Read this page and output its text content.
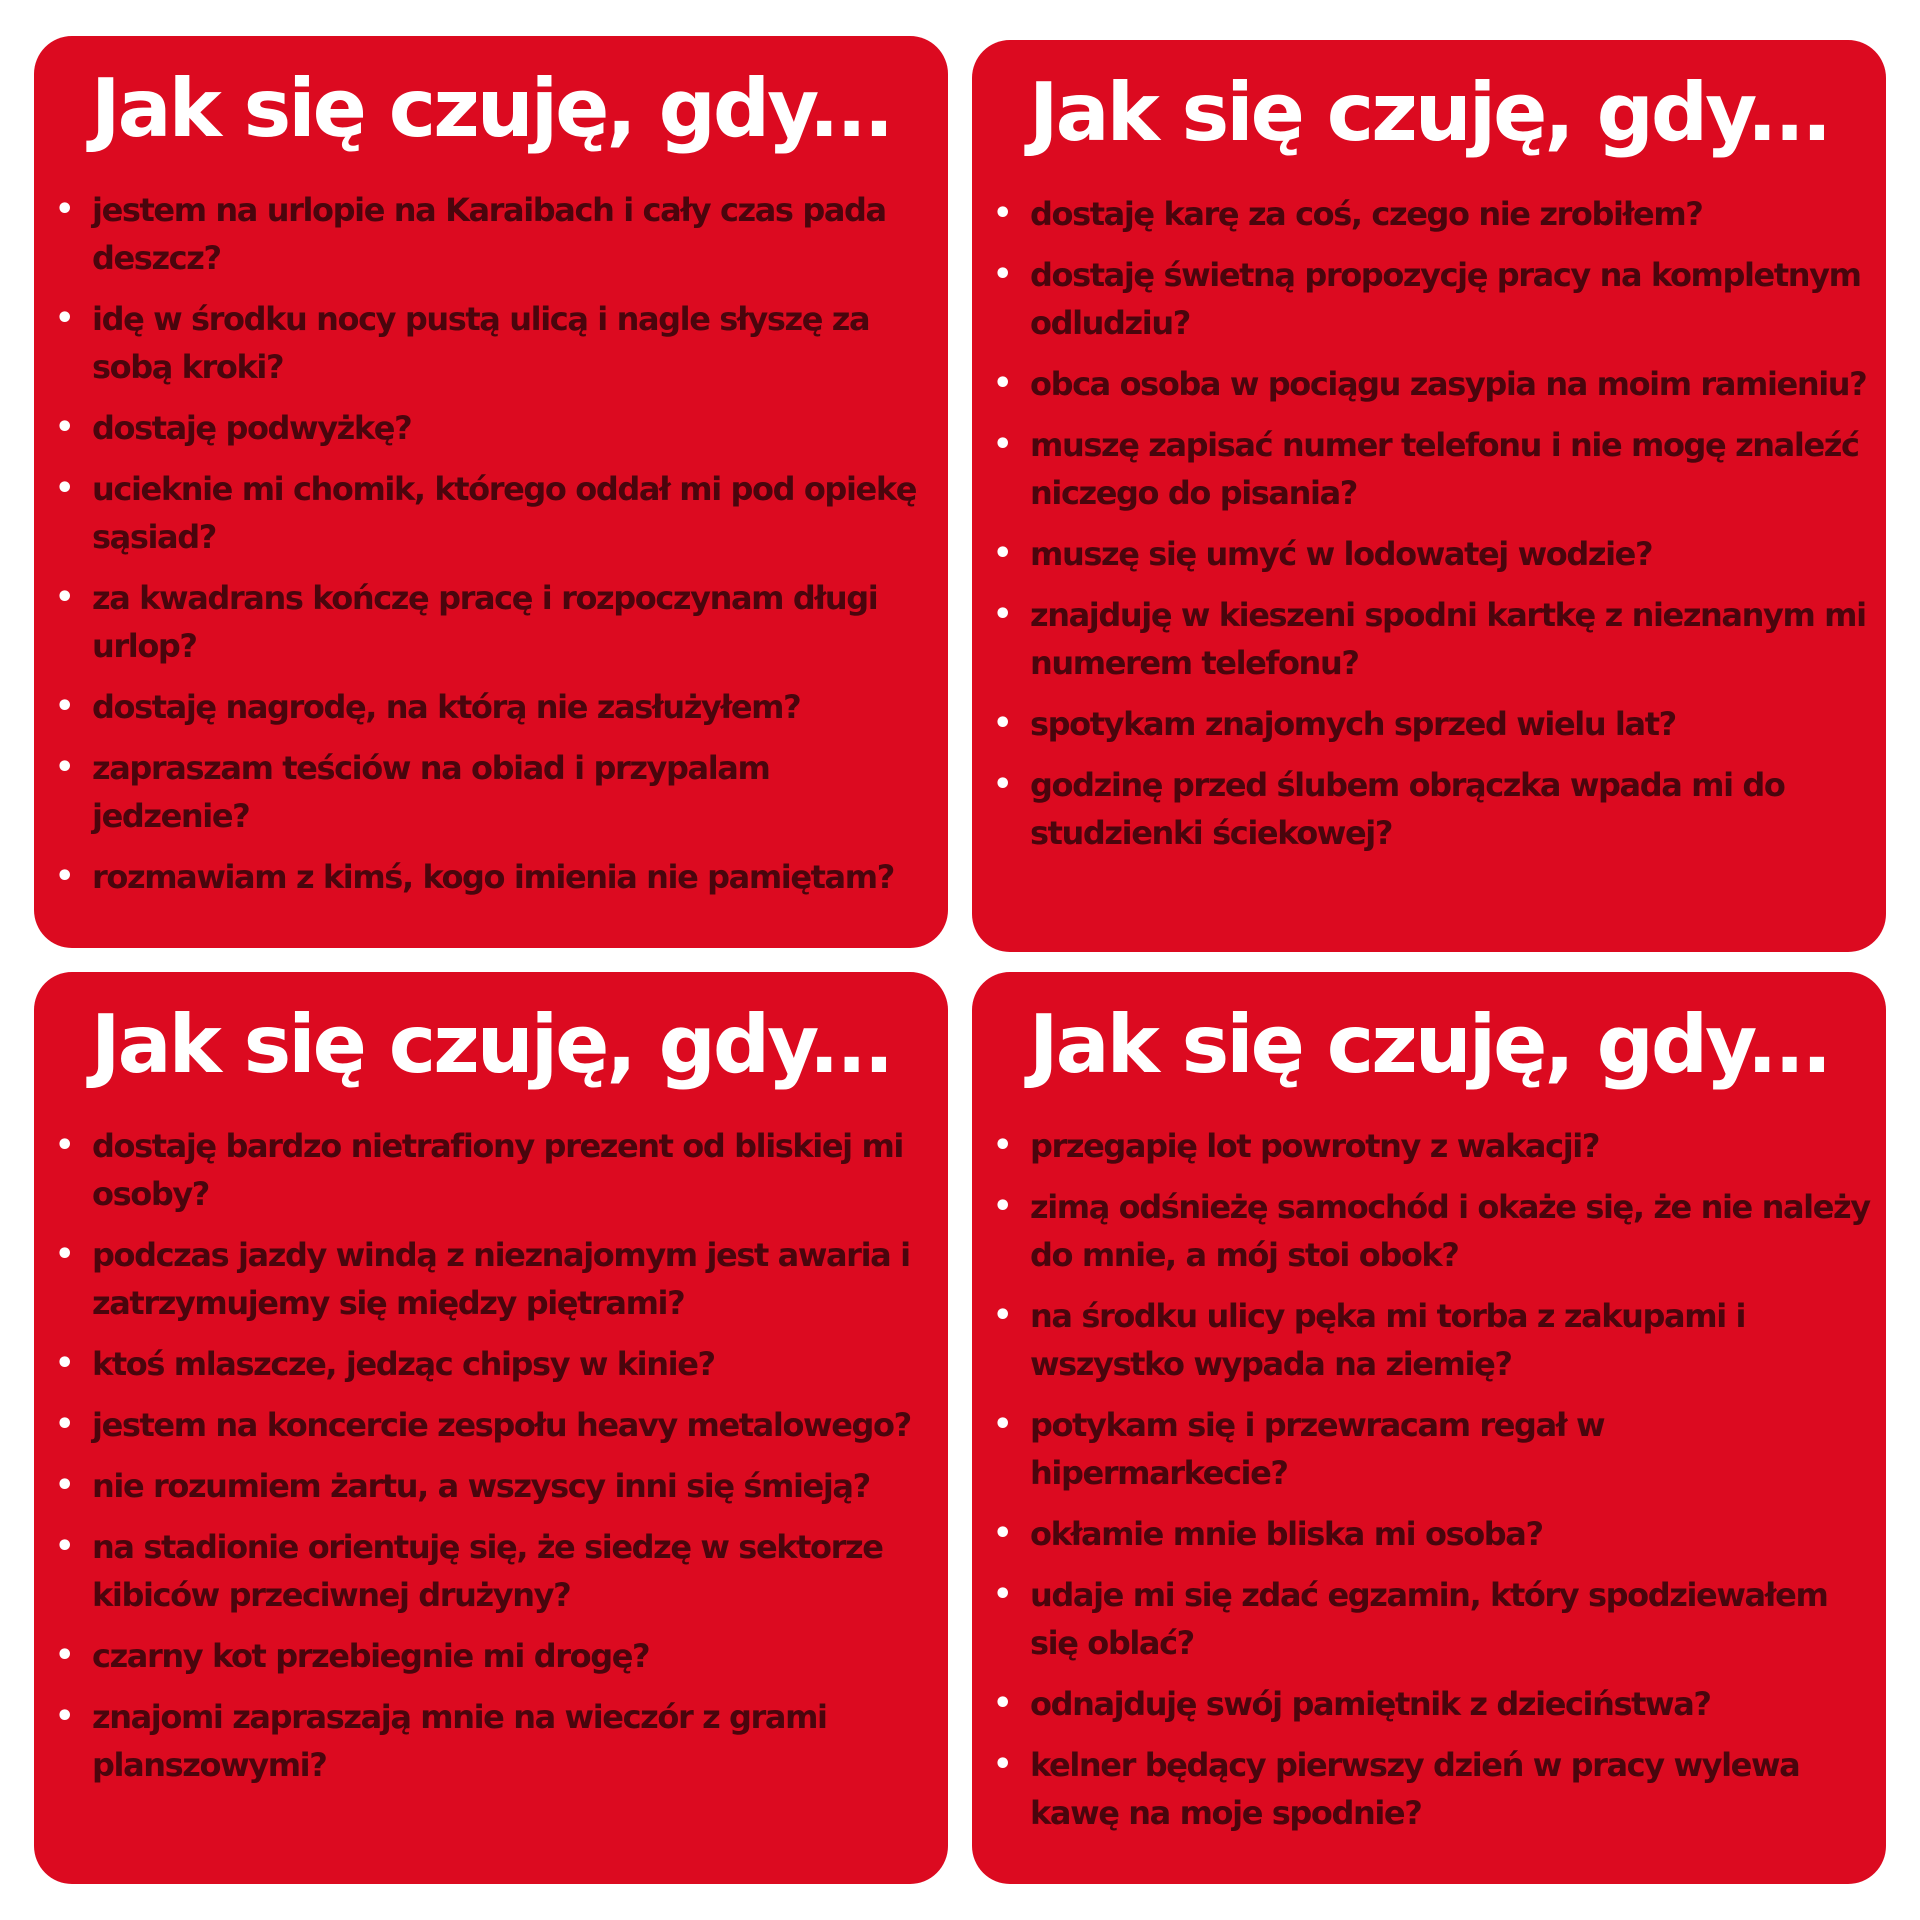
Jak się czuję, gdy...
• jestem na urlopie na Karaibach i cały czas pada deszcz?
• idę w środku nocy pustą ulicą i nagle słyszę za sobą kroki?
• dostaję podwyżkę?
• ucieknie mi chomik, którego oddał mi pod opiekę sąsiad?
• za kwadrans kończę pracę i rozpoczynam długi urlop?
• dostaję nagrodę, na którą nie zasłużyłem?
• zapraszam teściów na obiad i przypalam jedzenie?
• rozmawiam z kimś, kogo imienia nie pamiętam?
Jak się czuję, gdy...
• dostaję karę za coś, czego nie zrobiłem?
• dostaję świetną propozycję pracy na kompletnym odludziu?
• obca osoba w pociągu zasypia na moim ramieniu?
• muszę zapisać numer telefonu i nie mogę znaleźć niczego do pisania?
• muszę się umyć w lodowatej wodzie?
• znajduję w kieszeni spodni kartkę z nieznanym mi numerem telefonu?
• spotykam znajomych sprzed wielu lat?
• godzinę przed ślubem obrączka wpada mi do studzienki ściekowej?
Jak się czuję, gdy...
• dostaję bardzo nietrafiony prezent od bliskiej mi osoby?
• podczas jazdy windą z nieznajomym jest awaria i zatrzymujemy się między piętrami?
• ktoś mlaszcze, jedząc chipsy w kinie?
• jestem na koncercie zespołu heavy metalowego?
• nie rozumiem żartu, a wszyscy inni się śmieją?
• na stadionie orientuję się, że siedzę w sektorze kibiców przeciwnej drużyny?
• czarny kot przebiegnie mi drogę?
• znajomi zapraszają mnie na wieczór z grami planszowymi?
Jak się czuję, gdy...
• przegapię lot powrotny z wakacji?
• zimą odśnieżę samochód i okaże się, że nie należy do mnie, a mój stoi obok?
• na środku ulicy pęka mi torba z zakupami i wszystko wypada na ziemię?
• potykam się i przewracam regał w hipermarkecie?
• okłamie mnie bliska mi osoba?
• udaje mi się zdać egzamin, który spodziewałem się oblać?
• odnajduję swój pamiętnik z dzieciństwa?
• kelner będący pierwszy dzień w pracy wylewa kawę na moje spodnie?
